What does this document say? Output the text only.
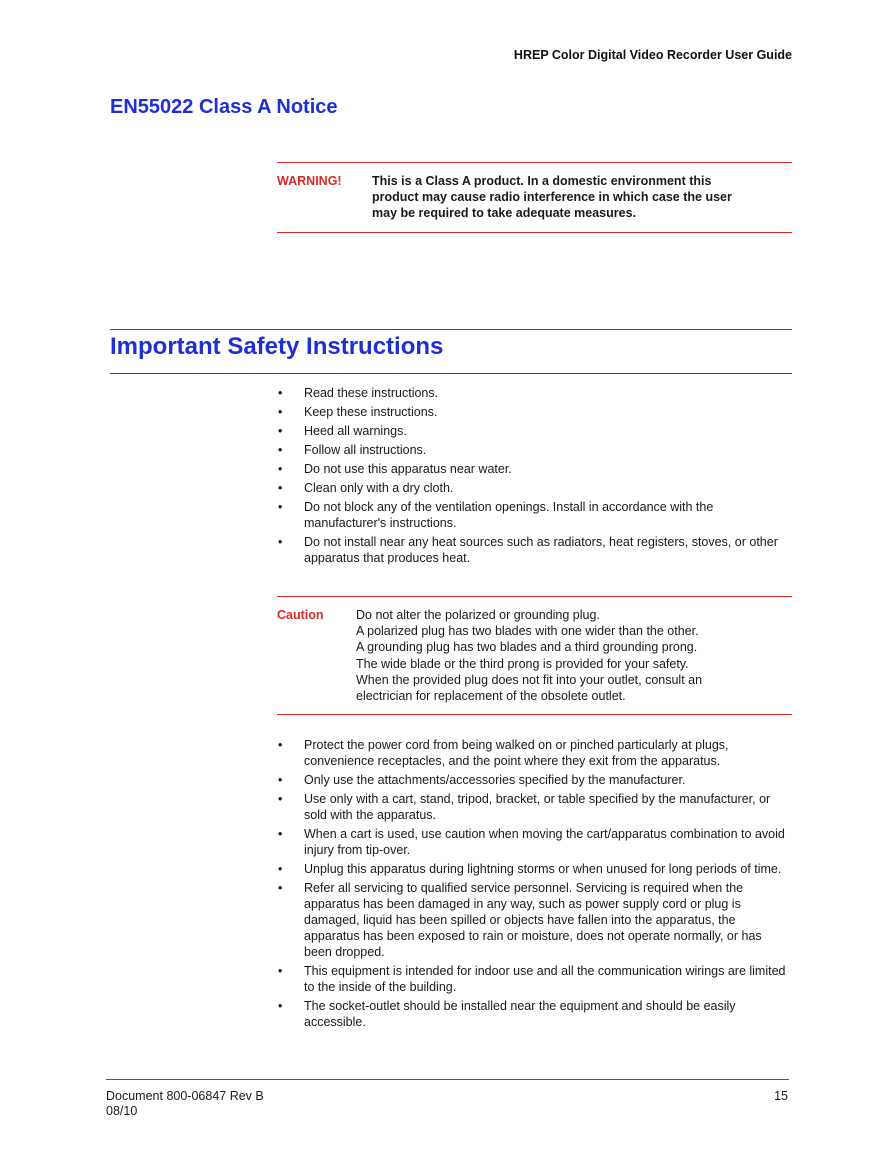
HREP Color Digital Video Recorder User Guide
EN55022 Class A Notice
WARNING!	This is a Class A product. In a domestic environment this product may cause radio interference in which case the user may be required to take adequate measures.
Important Safety Instructions
• Read these instructions.
• Keep these instructions.
• Heed all warnings.
• Follow all instructions.
• Do not use this apparatus near water.
• Clean only with a dry cloth.
• Do not block any of the ventilation openings. Install in accordance with the manufacturer's instructions.
• Do not install near any heat sources such as radiators, heat registers, stoves, or other apparatus that produces heat.
Caution	Do not alter the polarized or grounding plug.
A polarized plug has two blades with one wider than the other.
A grounding plug has two blades and a third grounding prong.
The wide blade or the third prong is provided for your safety.
When the provided plug does not fit into your outlet, consult an electrician for replacement of the obsolete outlet.
• Protect the power cord from being walked on or pinched particularly at plugs, convenience receptacles, and the point where they exit from the apparatus.
• Only use the attachments/accessories specified by the manufacturer.
• Use only with a cart, stand, tripod, bracket, or table specified by the manufacturer, or sold with the apparatus.
• When a cart is used, use caution when moving the cart/apparatus combination to avoid injury from tip-over.
• Unplug this apparatus during lightning storms or when unused for long periods of time.
• Refer all servicing to qualified service personnel. Servicing is required when the apparatus has been damaged in any way, such as power supply cord or plug is damaged, liquid has been spilled or objects have fallen into the apparatus, the apparatus has been exposed to rain or moisture, does not operate normally, or has been dropped.
• This equipment is intended for indoor use and all the communication wirings are limited to the inside of the building.
• The socket-outlet should be installed near the equipment and should be easily accessible.
Document 800-06847 Rev B
08/10
15
